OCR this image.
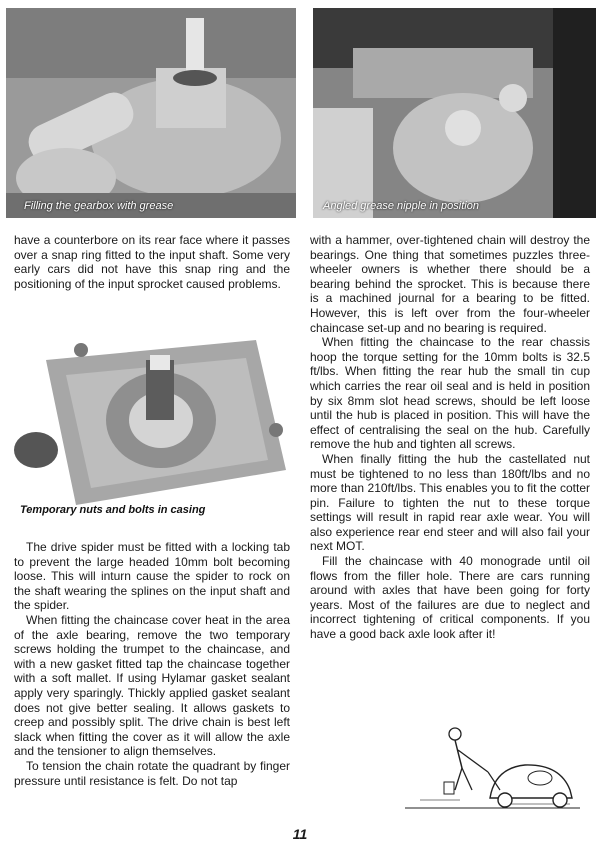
Filling the gearbox with grease	Angled grease nipple in position
Temporary nuts and bolts in casing

have a counterbore on its rear face where it passes over a snap ring fitted to the input shaft. Some very early cars did not have this snap ring and the positioning of the input sprocket caused problems.

The drive spider must be fitted with a locking tab to prevent the large headed 10mm bolt becoming loose. This will inturn cause the spider to rock on the shaft wearing the splines on the input shaft and the spider.

When fitting the chaincase cover heat in the area of the axle bearing, remove the two temporary screws holding the trumpet to the chaincase, and with a new gasket fitted tap the chaincase together with a soft mallet. If using Hylamar gasket sealant apply very sparingly. Thickly applied gasket sealant does not give better sealing. It allows gaskets to creep and possibly split. The drive chain is best left slack when fitting the cover as it will allow the axle and the tensioner to align themselves.

To tension the chain rotate the quadrant by finger pressure until resistance is felt. Do not tap

with a hammer, over-tightened chain will destroy the bearings. One thing that sometimes puzzles three-wheeler owners is whether there should be a bearing behind the sprocket. This is because there is a machined journal for a bearing to be fitted. However, this is left over from the four-wheeler chaincase set-up and no bearing is required.

When fitting the chaincase to the rear chassis hoop the torque setting for the 10mm bolts is 32.5 ft/lbs. When fitting the rear hub the small tin cup which carries the rear oil seal and is held in position by six 8mm slot head screws, should be left loose until the hub is placed in position. This will have the effect of centralising the seal on the hub. Carefully remove the hub and tighten all screws.

When finally fitting the hub the castellated nut must be tightened to no less than 180ft/lbs and no more than 210ft/lbs. This enables you to fit the cotter pin. Failure to tighten the nut to these torque settings will result in rapid rear axle wear. You will also experience rear end steer and will also fail your next MOT.

Fill the chaincase with 40 monograde until oil flows from the filler hole. There are cars running around with axles that have been going for forty years. Most of the failures are due to neglect and incorrect tightening of critical components. If you have a good back axle look after it!

11
